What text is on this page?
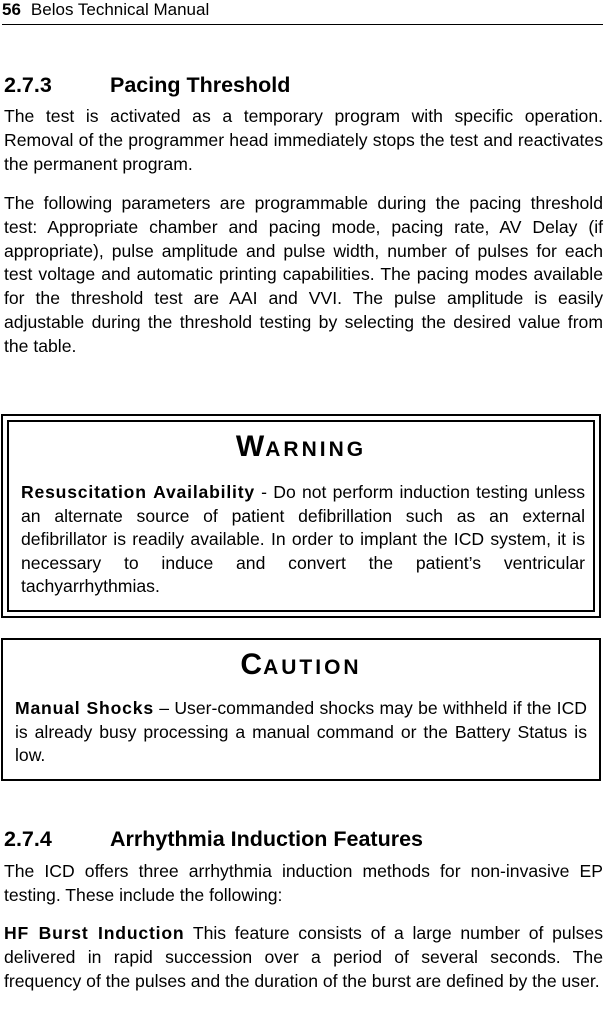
56 Belos Technical Manual
2.7.3	Pacing Threshold

The test is activated as a temporary program with specific operation. Removal of the programmer head immediately stops the test and reactivates the permanent program.

The following parameters are programmable during the pacing threshold test: Appropriate chamber and pacing mode, pacing rate, AV Delay (if appropriate), pulse amplitude and pulse width, number of pulses for each test voltage and automatic printing capabilities. The pacing modes available for the threshold test are AAI and VVI. The pulse amplitude is easily adjustable during the threshold testing by selecting the desired value from the table.

WARNING

Resuscitation Availability - Do not perform induction testing unless an alternate source of patient defibrillation such as an external defibrillator is readily available. In order to implant the ICD system, it is necessary to induce and convert the patient’s ventricular tachyarrhythmias.

CAUTION

Manual Shocks – User-commanded shocks may be withheld if the ICD is already busy processing a manual command or the Battery Status is low.

2.7.4	Arrhythmia Induction Features

The ICD offers three arrhythmia induction methods for non-invasive EP testing. These include the following:

HF Burst Induction This feature consists of a large number of pulses delivered in rapid succession over a period of several seconds. The frequency of the pulses and the duration of the burst are defined by the user.
